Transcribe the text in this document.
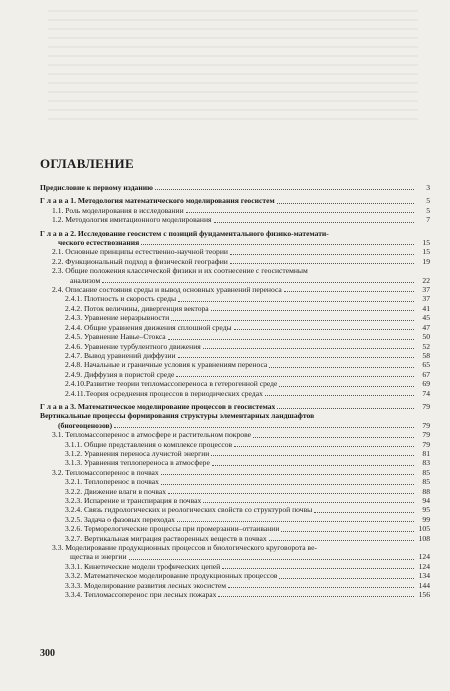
ОГЛАВЛЕНИЕ
Предисловие к первому изданию	3
Г л а в а 1. Методология математического моделирования геосистем	5
1.1. Роль моделирования в исследовании	5
1.2. Методология имитационного моделирования	7
Г л а в а 2. Исследование геосистем с позиций фундаментального физико-математи-
ческого естествознания	15
2.1. Основные принципы естественно-научной теории	15
2.2. Функциональный подход в физической географии	19
2.3. Общие положения классической физики и их соотнесение с геосистемным
анализом	22
2.4. Описание состояния среды и вывод основных уравнений переноса	37
2.4.1. Плотность и скорость среды	37
2.4.2. Поток величины, дивергенция вектора	41
2.4.3. Уравнение неразрывности	45
2.4.4. Общие уравнения движения сплошной среды	47
2.4.5. Уравнение Навье–Стокса	50
2.4.6. Уравнение турбулентного движения	52
2.4.7. Вывод уравнений диффузии	58
2.4.8. Начальные и граничные условия к уравнениям переноса	65
2.4.9. Диффузия в пористой среде	67
2.4.10.Развитие теории тепломассопереноса в гетерогенной среде	69
2.4.11.Теория осреднения процессов в периодических средах	74
Г л а в а 3. Математическое моделирование процессов в геосистемах	79
Вертикальные процессы формирования структуры элементарных ландшафтов
(биогеоценозов)	79
3.1. Тепломассоперенос в атмосфере и растительном покрове	79
3.1.1. Общие представления о комплексе процессов	79
3.1.2. Уравнения переноса лучистой энергии	81
3.1.3. Уравнения теплопереноса в атмосфере	83
3.2. Тепломассоперенос в почвах	85
3.2.1. Теплоперенос в почвах	85
3.2.2. Движение влаги в почвах	88
3.2.3. Испарение и транспирация в почвах	94
3.2.4. Связь гидрологических и реологических свойств со структурой почвы	95
3.2.5. Задача о фазовых переходах	99
3.2.6. Терморелогические процессы при промерзании–оттаивании	105
3.2.7. Вертикальная миграция растворенных веществ в почвах	108
3.3. Моделирование продукционных процессов и биологического круговорота ве-
щества и энергии	124
3.3.1. Кинетические модели трофических цепей	124
3.3.2. Математическое моделирование продукционных процессов	134
3.3.3. Моделирование развития лесных экосистем	144
3.3.4. Тепломассоперенос при лесных пожарах	156
300
